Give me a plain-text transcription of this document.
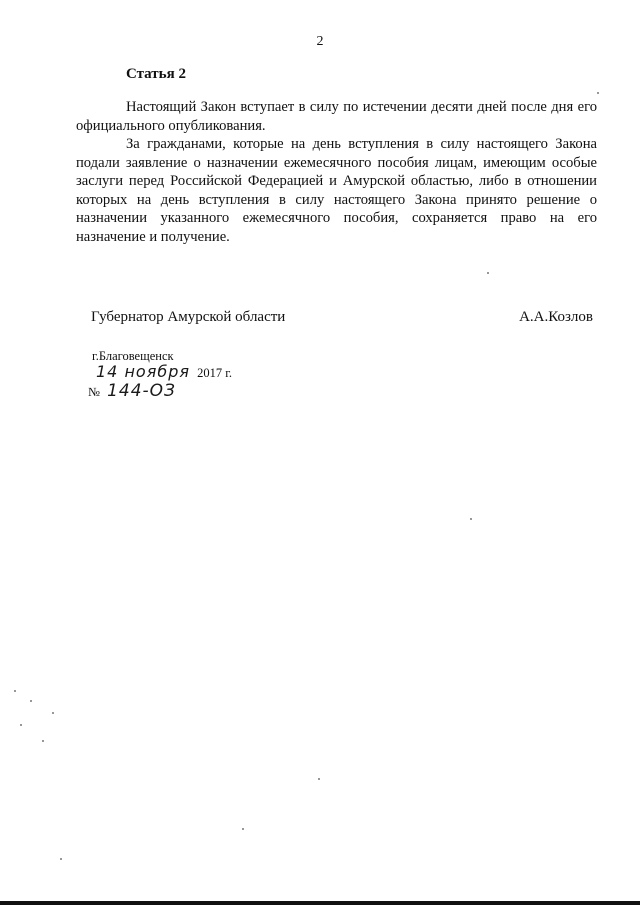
2
Статья 2

Настоящий Закон вступает в силу по истечении десяти дней после дня его официального опубликования.

За гражданами, которые на день вступления в силу настоящего Закона подали заявление о назначении ежемесячного пособия лицам, имеющим особые заслуги перед Российской Федерацией и Амурской областью, либо в отношении которых на день вступления в силу настоящего Закона принято решение о назначении указанного ежемесячного пособия, сохраняется право на его назначение и получение.

Губернатор Амурской области	А.А.Козлов
г.Благовещенск
14 ноября 2017 г.
№ 144-ОЗ
